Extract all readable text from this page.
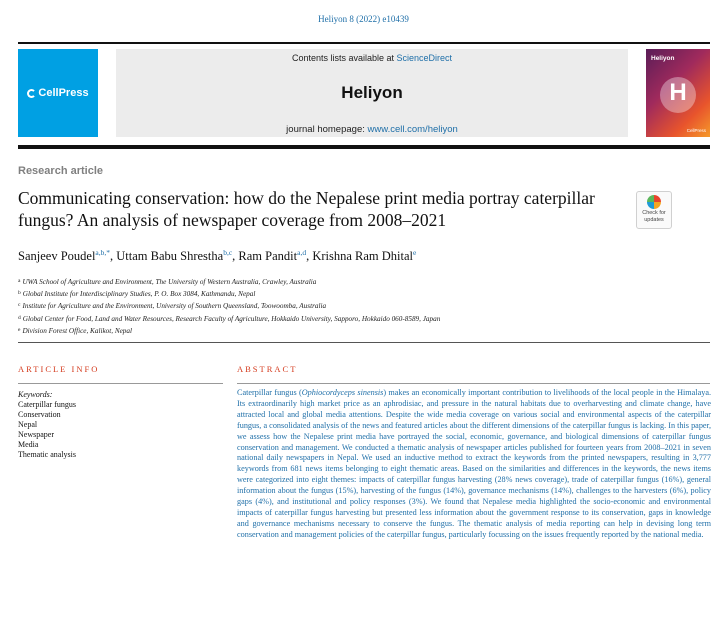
Heliyon 8 (2022) e10439
CellPress
Contents lists available at ScienceDirect
Heliyon
journal homepage: www.cell.com/heliyon
Heliyon
H
CellPress
Research article
Communicating conservation: how do the Nepalese print media portray caterpillar fungus? An analysis of newspaper coverage from 2008–2021	Check for
updates
Sanjeev Poudel$^{a,b,*}$, Uttam Babu Shrestha$^{b,c}$, Ram Pandit$^{a,d}$, Krishna Ram Dhital$^e$
$^a$ UWA School of Agriculture and Environment, The University of Western Australia, Crawley, Australia
$^b$ Global Institute for Interdisciplinary Studies, P. O. Box 3084, Kathmandu, Nepal
$^c$ Institute for Agriculture and the Environment, University of Southern Queensland, Toowoomba, Australia
$^d$ Global Center for Food, Land and Water Resources, Research Faculty of Agriculture, Hokkaido University, Sapporo, Hokkaido 060-8589, Japan
$^e$ Division Forest Office, Kalikot, Nepal
ARTICLE INFO
Keywords:
Caterpillar fungus
Conservation
Nepal
Newspaper
Media
Thematic analysis
ABSTRACT

Caterpillar fungus (Ophiocordyceps sinensis) makes an economically important contribution to livelihoods of the local people in the Himalaya. Its extraordinarily high market price as an aphrodisiac, and pressure in the natural habitats due to overharvesting and climate change, have attracted local and global media attentions. Despite the wide media coverage on various social and environmental aspects of the caterpillar fungus, a consolidated analysis of the news and featured articles about the different dimensions of the caterpillar fungus is lacking. In this paper, we assess how the Nepalese print media have portrayed the social, economic, governance, and biological dimensions of caterpillar fungus conservation and management. We conducted a thematic analysis of newspaper articles published for fourteen years from 2008–2021 in seven national daily newspapers in Nepal. We used an inductive method to extract the keywords from the printed newspapers, resulting in 3,777 keywords from 681 news items belonging to eight thematic areas. Based on the similarities and differences in the keywords, the news items were categorized into eight themes: impacts of caterpillar fungus harvesting (28% news coverage), trade of caterpillar fungus (16%), general information about the fungus (15%), harvesting of the fungus (14%), governance mechanisms (14%), challenges to the harvesters (6%), policy gaps (4%), and institutional and policy responses (3%). We found that Nepalese media highlighted the socio-economic and environmental impacts of caterpillar fungus harvesting but presented less information about the government response to its conservation, gaps in knowledge and governance mechanisms necessary to conserve the fungus. The thematic analysis of media reporting can help in devising long term conservation and management policies of the caterpillar fungus, particularly focussing on the issues frequently reported by the national media.
